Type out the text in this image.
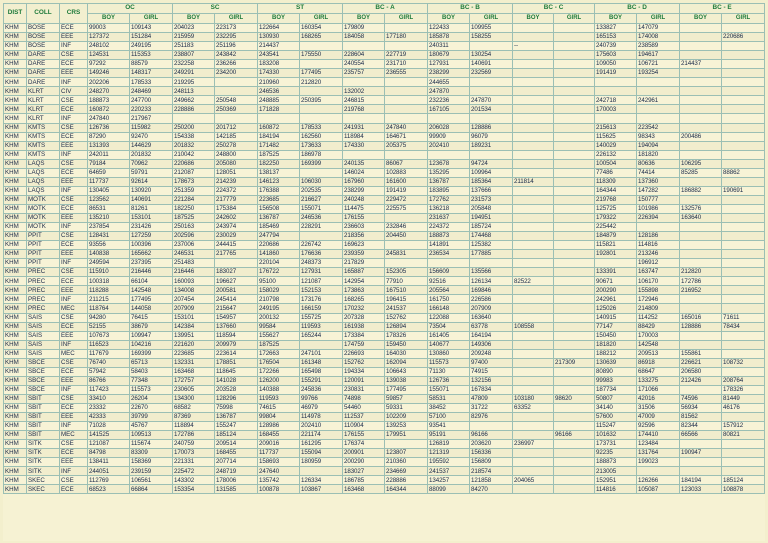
DIST	COLL	CRS	OC		SC		ST		BC - A		BC - B		BC - C		BC - D		BC - E	
			BOY	GIRL	BOY	GIRL	BOY	GIRL	BOY	GIRL	BOY	GIRL	BOY	GIRL	BOY	GIRL	BOY	GIRL
KHM	BOSE	ECE	99003	109143	204023	223173	122664	160354	179809		122433	109955			133827	147079		
KHM	BOSE	EEE	127372	151284	215959	232295	130930	168265	184058	177180	185878	158255			165153	174008		220686
KHM	BOSE	INF	248102	249195	251183	251196	214437				240311		--		240739	238589		
KHM	DARE	CSE	124531	115353	238807	243842	243541	175550	228604	227719	180679	130254			175603	194617		
KHM	DARE	ECE	97292	88579	232258	236266	183208		240554	231710	127931	140691			109050	106721	214437	
KHM	DARE	EEE	149246	148317	249291	234200	174330	177495	235757	236555	238299	232569			191419	193254		
KHM	DARE	INF	202206	178533	219295		210960	212820			244655							
KHM	KLRT	CIV	248270	248469	248113		246536		132002		247870							
KHM	KLRT	CSE	188873	247700	249662	250548	248885	250395	246815		232236	247870			242718	242961		
KHM	KLRT	ECE	160872	220233	228886	250369	171828		219768		167105	201534			170003			
KHM	KLRT	INF	247840	217967														
KHM	KMTS	CSE	126736	115982	250200	201712	160872	178533	241931	247840	206028	128886			215613	223542		
KHM	KMTS	ECE	87290	92470	154338	142185	184194	162560	118984	164671	99909	96079			115625	98343	200486	
KHM	KMTS	EEE	131393	144629	201832	250278	171482	173633	174330	205375	202410	189231			140029	194094		
KHM	KMTS	INF	242011	201832	210042	248800	187525	186978							226132	181820		
KHM	LAQS	CSE	79184	70962	220686	205080	182250	169399	240135	86067	123678	94724			100504	80636	106295	
KHM	LAQS	ECE	64659	59791	212087	128051	138137		146024	102883	135295	109964			77486	74414	85285	88862
KHM	LAQS	EEE	117737	92614	178673	214239	146123	106030	167960	161600	136787	185364	211814		118309	137360		
KHM	LAQS	INF	130405	130920	251359	224372	176388	202535	238299	191419	183895	137666			164344	147282	186882	190691
KHM	MOTK	CSE	123562	140691	221284	217779	223685	216627	240248	229472	172762	231573			219768	150777		
KHM	MOTK	ECE	86531	81261	182250	175384	156508	155071	114475	225575	136218	205848			125725	101986	132576	
KHM	MOTK	EEE	135210	153101	187525	242602	136787	246536	176155		231637	194951			179322	226394	163640	
KHM	MOTK	INF	237854	231426	250163	243974	185469	228291	236603	232846	224372	185724			225442			
KHM	PPIT	CSE	128431	127259	202596	230029	247794		218356	204450	188873	174468			184879	128186		
KHM	PPIT	ECE	93556	100396	237006	244415	220686	226742	169623		141891	125382			115821	114816		
KHM	PPIT	EEE	140838	165662	246531	217765	141860	176636	239359	245831	236534	177885			192801	213246		
KHM	PPIT	INF	249594	237395	251483		220104	248373	217829							196912		
KHM	PREC	CSE	115910	216446	216446	183027	176722	127931	165887	152305	156609	135566			133391	163747	212820	
KHM	PREC	ECE	100318	66104	160093	196627	95100	121087	142954	77910	92516	126134	82522		90671	106170	172786	
KHM	PREC	EEE	118288	142548	134008	200581	158029	152153	173863	167510	205564	169846			200290	155898	216952	
KHM	PREC	INF	211215	177495	207454	245414	210798	173176	168265	196415	161750	226586			242961	172946		
KHM	PREC	MEC	118764	144058	207909	215647	249195	166159	170232	241537	166148	207909			125026	214809		
KHM	SAIS	CSE	94280	76415	153101	154957	200132	155725	207328	152762	122088	163640			140915	114252	165016	71611
KHM	SAIS	ECE	52155	38679	142384	137660	99584	119593	161938	126894	73504	63778	108558		77147	88429	128886	78434
KHM	SAIS	EEE	107673	109947	139951	118594	155627	165244	173384	178326	161405	164194			150450	170003		
KHM	SAIS	INF	116523	104216	221620	209979	187525		174759	159450	140677	149306			181820	142548		
KHM	SAIS	MEC	117679	169399	223685	223614	172663	247101	226693	164030	130860	209248			188212	209513	155861	
KHM	SBCE	CSE	76740	65713	132331	178851	176504	161348	152762	162094	115573	97400		217309	130639	86918	226621	108732
KHM	SBCE	ECE	57942	58403	163468	118645	172266	165498	194334	106643	71130	74915			80890	68647	206580	
KHM	SBCE	EEE	86766	77348	172757	141028	126200	155291	120091	139038	126736	132156			99983	133275	212426	208764
KHM	SBCE	INF	117423	115573	230605	203528	140388	245836	230831	177495	155071	167834			187734	171066		178326
KHM	SBIT	CSE	33410	26204	134300	128296	119593	99766	74898	59857	58531	47809	103180	98620	50807	42016	74596	81449
KHM	SBIT	ECE	23332	22670	68582	75998	74615	46979	54460	59331	38452	31722	63352		34140	31506	56934	46176
KHM	SBIT	EEE	42333	39799	87369	136787	99804	114978	112537	102209	57100	82976			57600	47009	81562	
KHM	SBIT	INF	71028	45767	118894	155247	128986	202410	110904	139253	93541				115247	92596	82344	157912
KHM	SBIT	MEC	141525	109513	172786	185124	168455	221174	176155	179951	95191	96166		96166	101632	174410	66566	80821
KHM	SITK	CSE	121087	115674	240759	209514	209016	161295	176374		126819	203620	236997		173731	123484		
KHM	SITK	ECE	84798	83309	170073	168455	117737	155094	200901	123807	121319	156336			92235	131764	190947	
KHM	SITK	EEE	138411	158369	221331	207714	158693	180959	200290	210360	195592	156809			188873	199023		
KHM	SITK	INF	244051	239159	225472	248719	247640		183027	234669	241537	218574			213005			
KHM	SKEC	CSE	112769	106561	143302	178006	135742	126334	186785	228886	134257	121858	204065		152951	126266	184194	185124
KHM	SKEC	ECE	68523	66864	153354	131585	100878	103867	163468	164344	88099	84270			114816	105087	123033	108878
